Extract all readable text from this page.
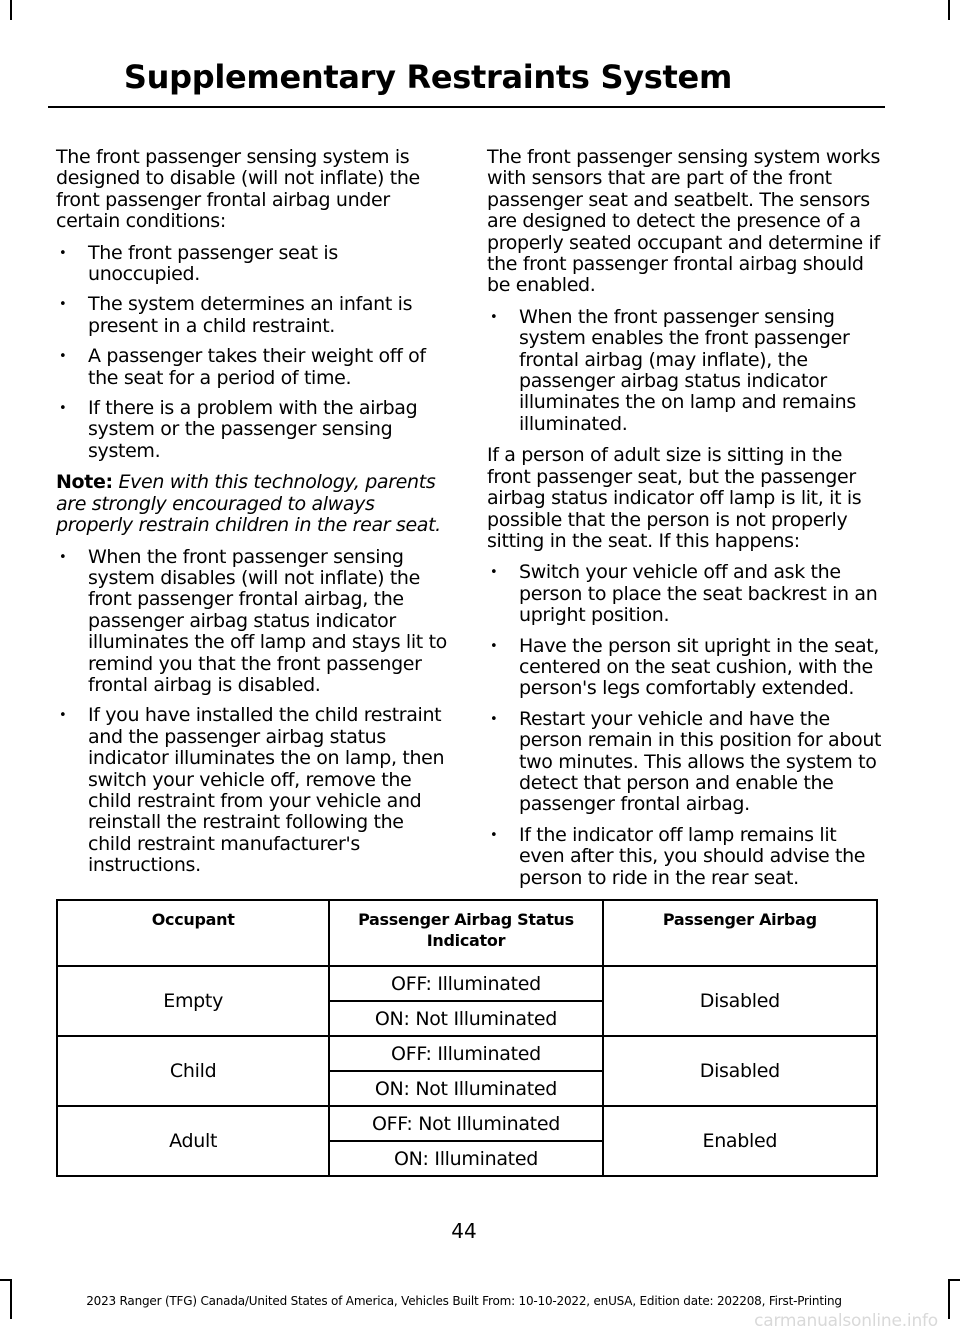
Supplementary Restraints System

The front passenger sensing system is designed to disable (will not inflate) the front passenger frontal airbag under certain conditions:

• The front passenger seat is unoccupied.
• The system determines an infant is present in a child restraint.
• A passenger takes their weight off of the seat for a period of time.
• If there is a problem with the airbag system or the passenger sensing system.

Note: Even with this technology, parents are strongly encouraged to always properly restrain children in the rear seat.

• When the front passenger sensing system disables (will not inflate) the front passenger frontal airbag, the passenger airbag status indicator illuminates the off lamp and stays lit to remind you that the front passenger frontal airbag is disabled.
• If you have installed the child restraint and the passenger airbag status indicator illuminates the on lamp, then switch your vehicle off, remove the child restraint from your vehicle and reinstall the restraint following the child restraint manufacturer's instructions.

The front passenger sensing system works with sensors that are part of the front passenger seat and seatbelt. The sensors are designed to detect the presence of a properly seated occupant and determine if the front passenger frontal airbag should be enabled.

• When the front passenger sensing system enables the front passenger frontal airbag (may inflate), the passenger airbag status indicator illuminates the on lamp and remains illuminated.

If a person of adult size is sitting in the front passenger seat, but the passenger airbag status indicator off lamp is lit, it is possible that the person is not properly sitting in the seat. If this happens:

• Switch your vehicle off and ask the person to place the seat backrest in an upright position.
• Have the person sit upright in the seat, centered on the seat cushion, with the person's legs comfortably extended.
• Restart your vehicle and have the person remain in this position for about two minutes. This allows the system to detect that person and enable the passenger frontal airbag.
• If the indicator off lamp remains lit even after this, you should advise the person to ride in the rear seat.
Occupant	Passenger Airbag Status Indicator	Passenger Airbag
Empty	OFF: Illuminated	Disabled
	ON: Not Illuminated	
Child	OFF: Illuminated	Disabled
	ON: Not Illuminated	
Adult	OFF: Not Illuminated	Enabled
	ON: Illuminated	
44
2023 Ranger (TFG) Canada/United States of America, Vehicles Built From: 10-10-2022, enUSA, Edition date: 202208, First-Printing
carmanualsonline.info
